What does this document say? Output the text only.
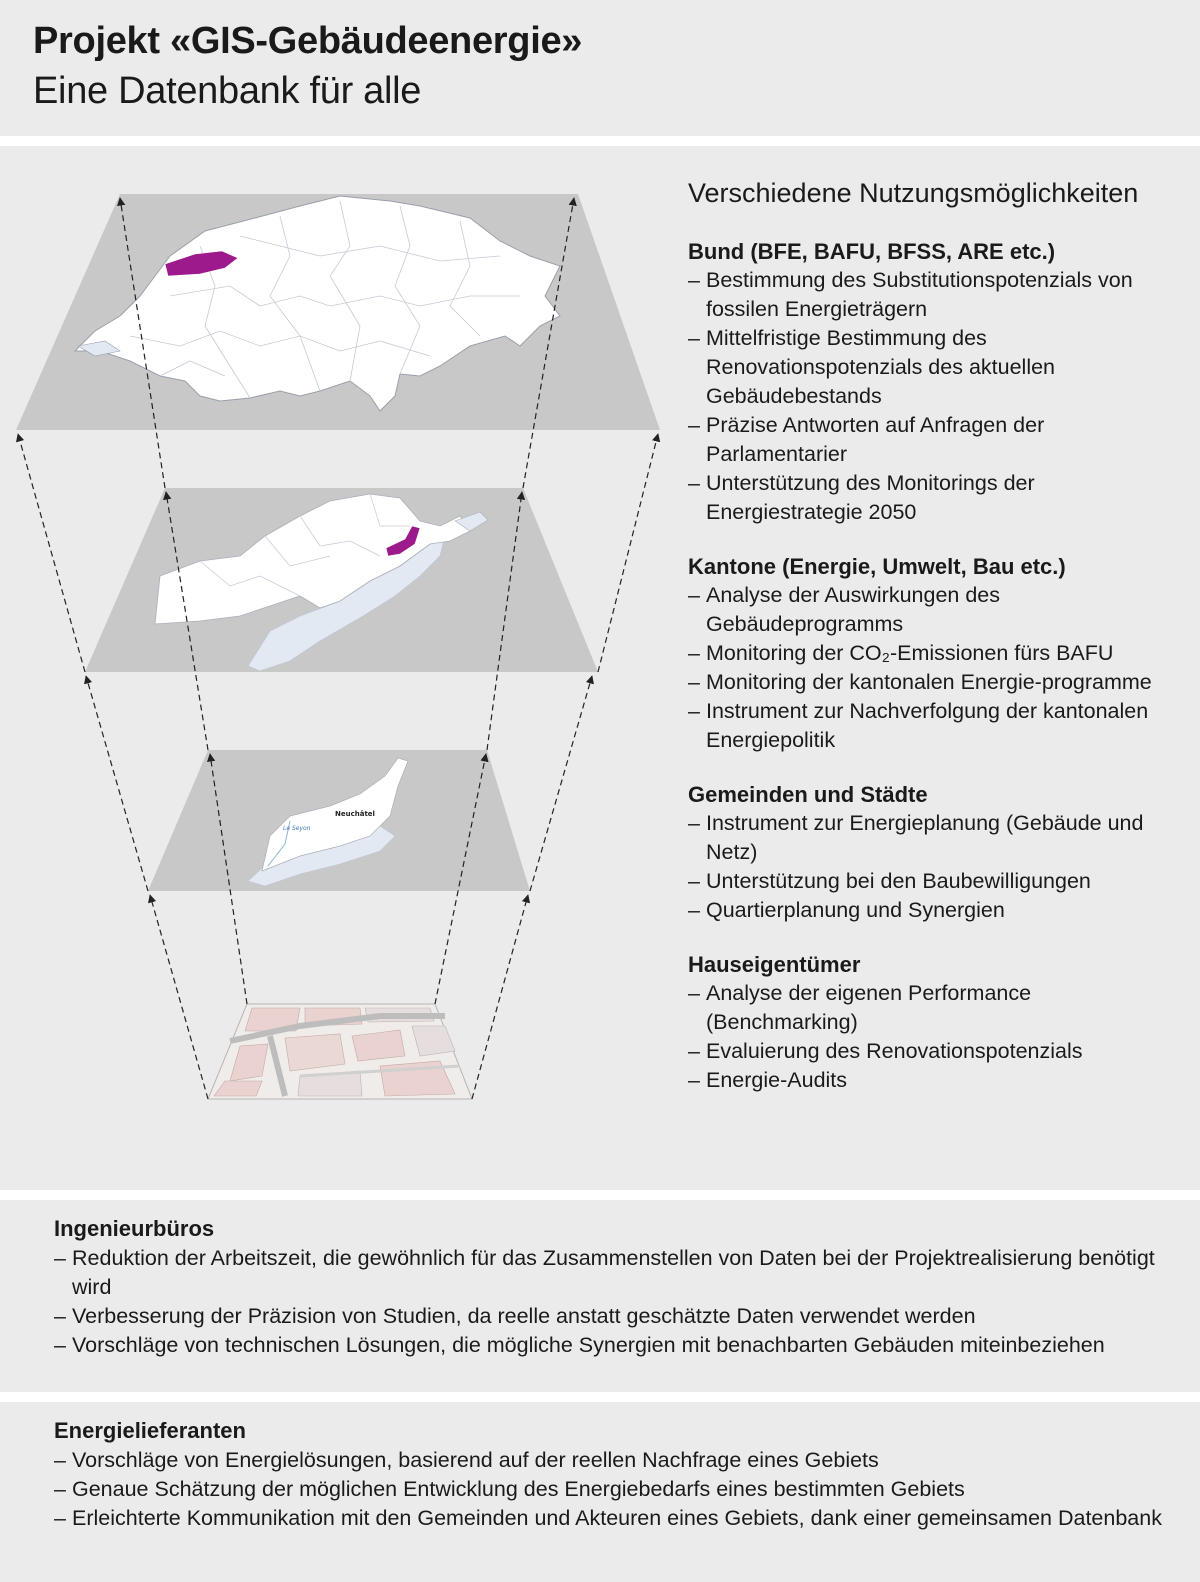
Projekt «GIS-Gebäudeenergie»
Eine Datenbank für alle
Neuchâtel
Le Seyon
Verschiedene Nutzungsmöglichkeiten
Bund (BFE, BAFU, BFSS, ARE etc.)
– Bestimmung des Substitutionspotenzials von fossilen Energieträgern
– Mittelfristige Bestimmung des Renovationspotenzials des aktuellen Gebäudebestands
– Präzise Antworten auf Anfragen der Parlamentarier
– Unterstützung des Monitorings der Energiestrategie 2050
Kantone (Energie, Umwelt, Bau etc.)
– Analyse der Auswirkungen des Gebäudeprogramms
– Monitoring der CO₂-Emissionen fürs BAFU
– Monitoring der kantonalen Energie-programme
– Instrument zur Nachverfolgung der kantonalen Energiepolitik
Gemeinden und Städte
– Instrument zur Energieplanung (Gebäude und Netz)
– Unterstützung bei den Baubewilligungen
– Quartierplanung und Synergien
Hauseigentümer
– Analyse der eigenen Performance (Benchmarking)
– Evaluierung des Renovationspotenzials
– Energie-Audits
Ingenieurbüros
– Reduktion der Arbeitszeit, die gewöhnlich für das Zusammenstellen von Daten bei der Projektrealisierung benötigt wird
– Verbesserung der Präzision von Studien, da reelle anstatt geschätzte Daten verwendet werden
– Vorschläge von technischen Lösungen, die mögliche Synergien mit benachbarten Gebäuden miteinbeziehen
Energielieferanten
– Vorschläge von Energielösungen, basierend auf der reellen Nachfrage eines Gebiets
– Genaue Schätzung der möglichen Entwicklung des Energiebedarfs eines bestimmten Gebiets
– Erleichterte Kommunikation mit den Gemeinden und Akteuren eines Gebiets, dank einer gemeinsamen Datenbank
